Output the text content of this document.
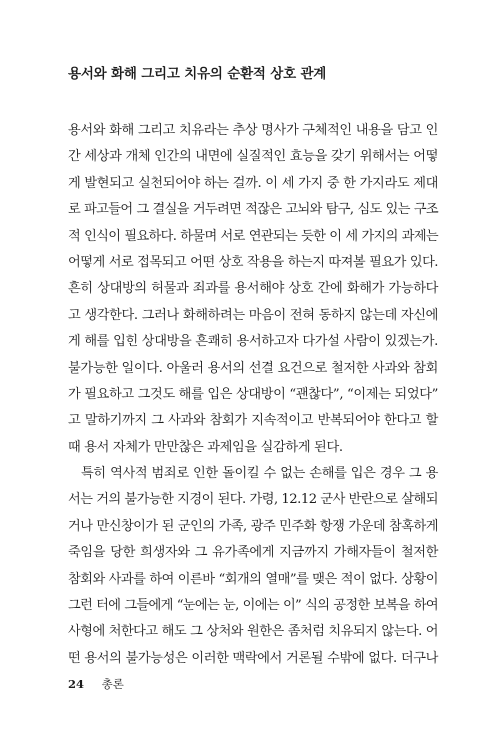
용서와 화해 그리고 치유의 순환적 상호 관계
용서와 화해 그리고 치유라는 추상 명사가 구체적인 내용을 담고 인
간 세상과 개체 인간의 내면에 실질적인 효능을 갖기 위해서는 어떻
게 발현되고 실천되어야 하는 걸까. 이 세 가지 중 한 가지라도 제대
로 파고들어 그 결실을 거두려면 적잖은 고뇌와 탐구, 심도 있는 구조
적 인식이 필요하다. 하물며 서로 연관되는 듯한 이 세 가지의 과제는
어떻게 서로 접목되고 어떤 상호 작용을 하는지 따져볼 필요가 있다.
흔히 상대방의 허물과 죄과를 용서해야 상호 간에 화해가 가능하다
고 생각한다. 그러나 화해하려는 마음이 전혀 동하지 않는데 자신에
게 해를 입힌 상대방을 흔쾌히 용서하고자 다가설 사람이 있겠는가.
불가능한 일이다. 아울러 용서의 선결 요건으로 철저한 사과와 참회
가 필요하고 그것도 해를 입은 상대방이 “괜찮다”, “이제는 되었다”
고 말하기까지 그 사과와 참회가 지속적이고 반복되어야 한다고 할
때 용서 자체가 만만찮은 과제임을 실감하게 된다.
특히 역사적 범죄로 인한 돌이킬 수 없는 손해를 입은 경우 그 용
서는 거의 불가능한 지경이 된다. 가령, 12.12 군사 반란으로 살해되
거나 만신창이가 된 군인의 가족, 광주 민주화 항쟁 가운데 참혹하게
죽임을 당한 희생자와 그 유가족에게 지금까지 가해자들이 철저한
참회와 사과를 하여 이른바 “회개의 열매”를 맺은 적이 없다. 상황이
그런 터에 그들에게 “눈에는 눈, 이에는 이” 식의 공정한 보복을 하여
사형에 처한다고 해도 그 상처와 원한은 좀처럼 치유되지 않는다. 어
떤 용서의 불가능성은 이러한 맥락에서 거론될 수밖에 없다. 더구나
24 총론
